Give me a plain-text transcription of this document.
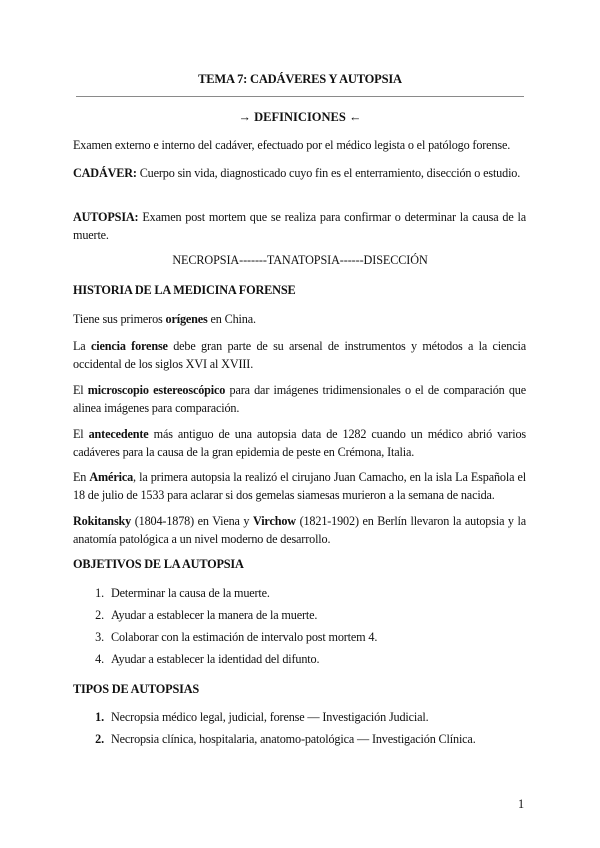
TEMA 7: CADÁVERES Y AUTOPSIA
→ DEFINICIONES ←
Examen externo e interno del cadáver, efectuado por el médico legista o el patólogo forense.
CADÁVER: Cuerpo sin vida, diagnosticado cuyo fin es el enterramiento, disección o estudio.
AUTOPSIA: Examen post mortem que se realiza para confirmar o determinar la causa de la muerte.
NECROPSIA-------TANATOPSIA------DISECCIÓN
HISTORIA DE LA MEDICINA FORENSE
Tiene sus primeros orígenes en China.
La ciencia forense debe gran parte de su arsenal de instrumentos y métodos a la ciencia occidental de los siglos XVI al XVIII.
El microscopio estereoscópico para dar imágenes tridimensionales o el de comparación que alinea imágenes para comparación.
El antecedente más antiguo de una autopsia data de 1282 cuando un médico abrió varios cadáveres para la causa de la gran epidemia de peste en Crémona, Italia.
En América, la primera autopsia la realizó el cirujano Juan Camacho, en la isla La Española el 18 de julio de 1533 para aclarar si dos gemelas siamesas murieron a la semana de nacida.
Rokitansky (1804-1878) en Viena y Virchow (1821-1902) en Berlín llevaron la autopsia y la anatomía patológica a un nivel moderno de desarrollo.
OBJETIVOS DE LA AUTOPSIA
1. Determinar la causa de la muerte.
2. Ayudar a establecer la manera de la muerte.
3. Colaborar con la estimación de intervalo post mortem 4.
4. Ayudar a establecer la identidad del difunto.
TIPOS DE AUTOPSIAS
1. Necropsia médico legal, judicial, forense — Investigación Judicial.
2. Necropsia clínica, hospitalaria, anatomo-patológica — Investigación Clínica.
1
